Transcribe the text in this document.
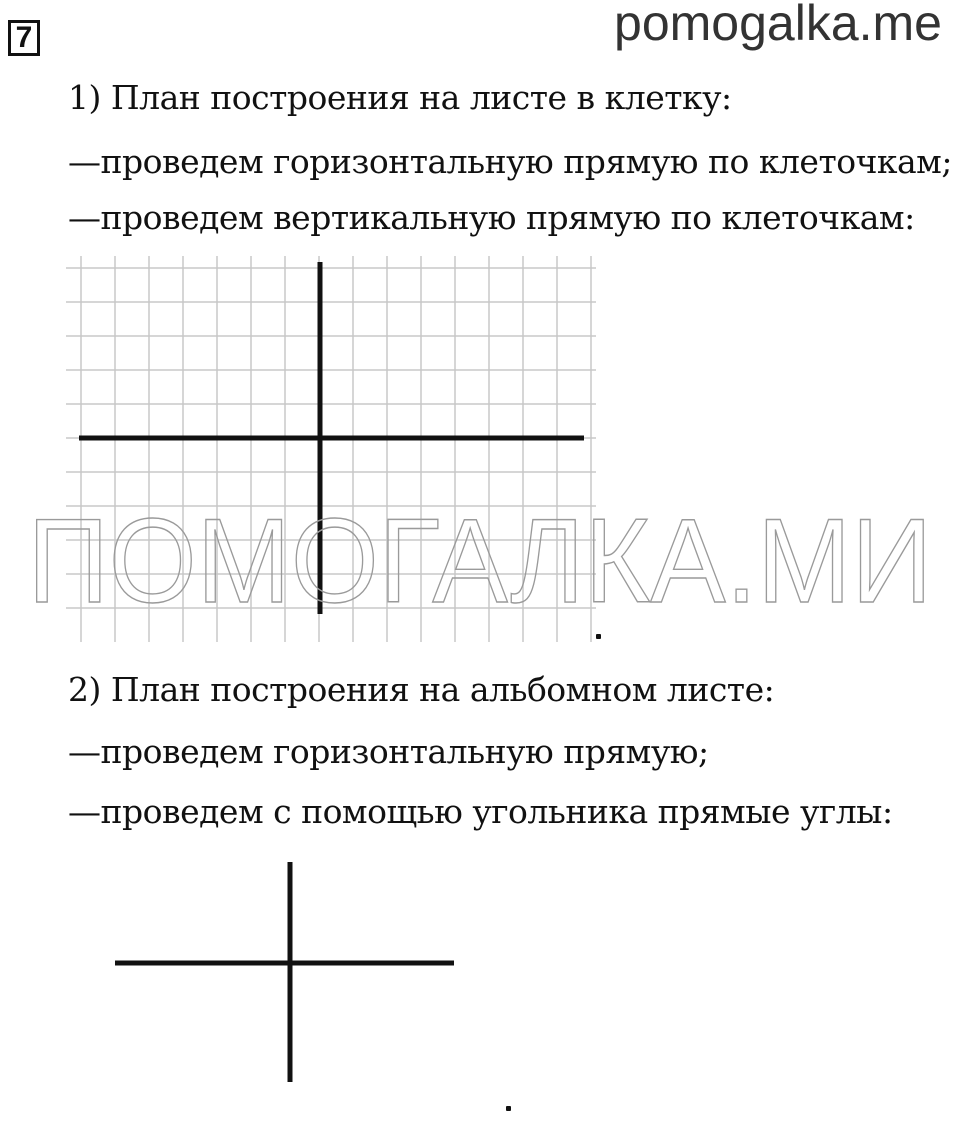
7	pomogalka.me
1) План построения на листе в клетку:
—проведем горизонтальную прямую по клеточкам;
—проведем вертикальную прямую по клеточкам:
ПОМОГАЛКА.МИ
2) План построения на альбомном листе:
—проведем горизонтальную прямую;
—проведем с помощью угольника прямые углы:
